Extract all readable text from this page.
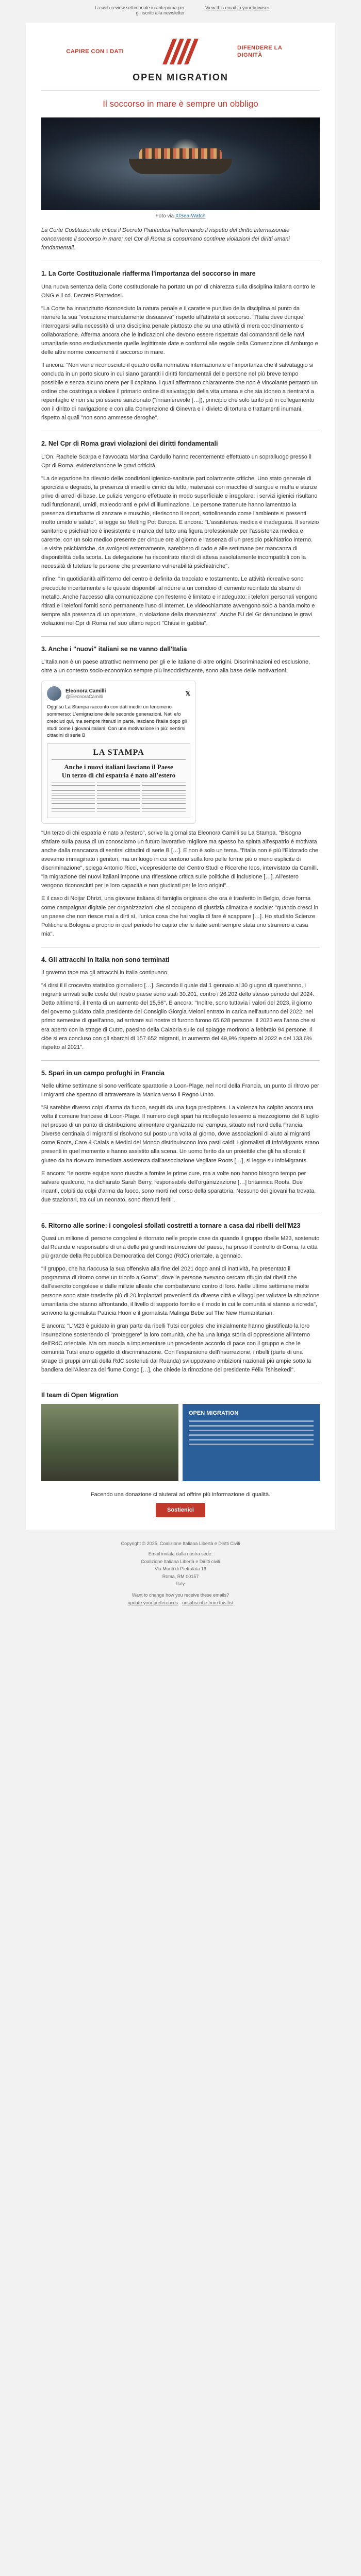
La web-review settimanale in anteprima per gli iscritti alla newsletter
View this email in your browser
CAPIRE CON I DATI
DIFENDERE LA DIGNITÀ
OPEN MIGRATION
Il soccorso in mare è sempre un obbligo
Foto via X/Sea-Watch
La Corte Costituzionale critica il Decreto Piantedosi riaffermando il rispetto del diritto internazionale concernente il soccorso in mare; nel Cpr di Roma si consumano continue violazioni dei diritti umani fondamentali.
1. La Corte Costituzionale riafferma l'importanza del soccorso in mare

Una nuova sentenza della Corte costituzionale ha portato un po' di chiarezza sulla disciplina italiana contro le ONG e il cd. Decreto Piantedosi.

"La Corte ha innanzitutto riconosciuto la natura penale e il carattere punitivo della disciplina al punto da ritenere la sua "vocazione marcatamente dissuasiva" rispetto all'attività di soccorso. "l'Italia deve dunque interrogarsi sulla necessità di una disciplina penale piuttosto che su una attività di mera coordinamento e collaborazione. Afferma ancora che le indicazioni che devono essere rispettate dai comandanti delle navi umanitarie sono esclusivamente quelle legittimate date e conformi alle regole della Convenzione di Amburgo e delle altre norme concernenti il soccorso in mare.

Il ancora: "Non viene riconosciuto il quadro della normativa internazionale e l'importanza che il salvataggio si concluda in un porto sicuro in cui siano garantiti i diritti fondamentali delle persone nel più breve tempo possibile e senza alcuno onere per il capitano, i quali affermano chiaramente che non è vincolante pertanto un ordine che costringa a violare il primario ordine di salvataggio della vita umana e che sia idoneo a rientrarvi a repentaglio e non sia più essere sanzionato ("innamerevole […]), principio che solo tanto più in collegamento con il diritto di navigazione e con alla Convenzione di Ginevra e il divieto di tortura e trattamenti inumani, rispetto ai quali "non sono ammesse deroghe".

2. Nel Cpr di Roma gravi violazioni dei diritti fondamentali

L'On. Rachele Scarpa e l'avvocata Martina Cardullo hanno recentemente effettuato un sopralluogo presso il Cpr di Roma, evidenziandone le gravi criticità.

"La delegazione ha rilevato delle condizioni igienico-sanitarie particolarmente critiche. Uno stato generale di sporcizia e degrado, la presenza di insetti e cimici da letto, materassi con macchie di sangue e muffa e stanze prive di arredi di base. Le pulizie vengono effettuate in modo superficiale e irregolare; i servizi igienici risultano rudi funzionanti, umidi, maleodoranti e privi di illuminazione. Le persone trattenute hanno lamentato la presenza disturbante di zanzare e muschio, riferiscono il report, sottolineando come l'ambiente si presenti molto umido e salato", si legge su Melting Pot Europa. E ancora: "L'assistenza medica è inadeguata. Il servizio sanitario e psichiatrico è inesistente e manca del tutto una figura professionale per l'assistenza medica e carente, con un solo medico presente per cinque ore al giorno e l'assenza di un presidio psichiatrico interno. Le visite psichiatriche, da svolgersi esternamente, sarebbero di rado e alle settimane per mancanza di disponibilità della scorta. La delegazione ha riscontrato ritardi di attesa assolutamente incompatibili con la necessità di tutelare le persone che presentano vulnerabilità psichiatriche".

Infine: "In quotidianità all'interno del centro è definita da tracciato e tostamento. Le attività ricreative sono precedute incertamente e le queste disponibili al ridurre a un corridoio di cemento recintato da sbarre di metallo. Anche l'accesso alla comunicazione con l'esterno è limitato e inadeguato: i telefoni personali vengono ritirati e i telefoni forniti sono permanente l'uso di Internet. Le videochiamate avvengono solo a banda molto e sempre alla presenza di un operatore, in violazione della riservatezza". Anche l'U del Gr denunciano le gravi violazioni nel Cpr di Roma nel suo ultimo report "Chiusi in gabbia".

3. Anche i "nuovi" italiani se ne vanno dall'Italia

L'Italia non è un paese attrattivo nemmeno per gli e le italiane di altre origini. Discriminazioni ed esclusione, oltre a un contesto socio-economico sempre più insoddisfacente, sono alla base delle motivazioni.

Eleonora Camilli
@EleonoraCamilli	𝕏
Oggi su La Stampa racconto con dati inediti un fenomeno sommerso: L'emigrazione delle seconde generazioni. Nati e/o cresciuti qui, ma sempre ritenuti in parte, lasciano l'Italia dopo gli studi come i giovani italiani. Con una motivazione in più: sentirsi cittadini di serie B
LA STAMPA
Anche i nuovi italiani lasciano il Paese
Un terzo di chi espatria è nato all'estero

"Un terzo di chi espatria è nato all'estero", scrive la giornalista Eleonora Camilli su La Stampa. "Bisogna sfatiare sulla pausa di un conosciamo un futuro lavorativo migliore ma spesso ha spinta all'espatrio è motivata anche dalla mancanza di sentirsi cittadini di serie B […]. E non è solo un tema. "l'italia non è più l'Eldorado che avevamo immaginato i genitori, ma un luogo in cui sentono sulla loro pelle forme più o meno esplicite di discriminazione", spiega Antonio Ricci, vicepresidente del Centro Studi e Ricerche Idos, intervistato da Camilli. "la migrazione dei nuovi italiani impone una riflessione critica sulle politiche di inclusione […]. All'estero vengono riconosciuti per le loro capacità e non giudicati per le loro origini".

E il caso di Noijar Dhrizi, una giovane italiana di famiglia originaria che ora è trasferito in Belgio, dove forma come campaignar digitale per organizzazioni che si occupano di giustizia climatica e sociale: "quando cresci in un paese che non riesce mai a dirti sì, l'unica cosa che hai voglia di fare è scappare […]. Ho studiato Scienze Politiche a Bologna e proprio in quel periodo ho capito che le italie senti sempre stata uno straniero a casa mia".

4. Gli attracchi in Italia non sono terminati

Il governo tace ma gli attracchi in Italia continuano.

"4 dirsi il il crocevito statistico giornaliero […]. Secondo il quale dal 1 gennaio al 30 giugno di quest'anno, i migranti arrivati sulle coste del nostro paese sono stati 30.201, contro i 26.202 dello stesso periodo del 2024. Detto altrimenti, il trenta di un aumento del 15,56". E ancora: "Inoltre, sono tuttavia i valori del 2023, il giorno del governo guidato dalla presidente del Consiglio Giorgia Meloni entrato in carica nell'autunno del 2022; nel primo semestre di quell'anno, ad arrivare sui nostre di furono furono 65.628 persone. Il 2023 era l'anno che si era aperto con la strage di Cutro, paesino della Calabria sulle cui spiagge morirono a febbraio 94 persone. Il ciòe si era concluso con gli sbarchi di 157.652 migranti, in aumento del 49,9% rispetto al 2022 e del 133,6% rispetto al 2021".

5. Spari in un campo profughi in Francia

Nelle ultime settimane si sono verificate sparatorie a Loon-Plage, nel nord della Francia, un punto di ritrovo per i migranti che sperano di attraversare la Manica verso il Regno Unito.

"Si sarebbe diverso colpi d'arma da fuoco, seguiti da una fuga precipitosa. La violenza ha colpito ancora una volta il comune francese di Loon-Plage. Il numero degli spari ha ricollegato lessemo a mezzogiorno del 8 luglio nel presso di un punto di distribuzione alimentare organizzato nel campus, situato nel nord della Francia. Diverse centinaia di migranti si risolvono sul posto una volta al giorno, dove associazioni di aiuto ai migranti come Roots, Care 4 Calais e Medici del Mondo distribuiscono loro pasti caldi. I giornalisti di InfoMigrants erano presenti in quel momento e hanno assistito alla scena. Un uomo ferito da un proiettile che gli ha sfiorato il gluteo da ha ricevuto immediata assistenza dall'associazione Vegliare Roots […], si legge su InfoMigrants.

E ancora: "le nostre equipe sono riuscite a fornire le prime cure, ma a volte non hanno bisogno tempo per salvare qualcuno, ha dichiarato Sarah Berry, responsabile dell'organizzazione […] britannica Roots. Due incanti, colpiti da colpi d'arma da fuoco, sono morti nel corso della sparatoria. Nessuno dei giovani ha trovata, due stazionari, tra cui un neonato, sono ritenuti feriti".

6. Ritorno alle sorine: i congolesi sfollati costretti a tornare a casa dai ribelli dell'M23

Quasi un milione di persone congolesi è ritornato nelle proprie case da quando il gruppo ribelle M23, sostenuto dal Ruanda e responsabile di una delle più grandi insurrezioni del paese, ha preso il controllo di Goma, la città più grande della Repubblica Democratica del Congo (RdC) orientale, a gennaio.

"Il gruppo, che ha riaccusa la sua offensiva alla fine del 2021 dopo anni di inattività, ha presentato il programma di ritorno come un trionfo a Goma", dove le persone avevano cercato rifugio dai ribelli che dall'esercito congolese e dalle milizie alleate che combattevano contro di loro. Nelle ultime settimane molte persone sono state trasferite più di 20 impiantati provenienti da diverse città e villaggi per valutare la situazione umanitaria che stanno affrontando, il livello di supporto fornito e il modo in cui le comunità si stanno a ricreda", scrivono la giornalista Patricia Huon e il giornalista Malinga Bebe sul The New Humanitarian.

E ancora: "L'M23 è guidato in gran parte da ribelli Tutsi congolesi che inizialmente hanno giustificato la loro insurrezione sostenendo di "proteggere" la loro comunità, che ha una lunga storia di oppressione all'interno dell'RdC orientale. Ma ora nuocla a implementare un precedente accordo di pace con il gruppo e che le comunità Tutsi erano oggetto di discriminazione. Con l'espansione dell'insurrezione, i ribelli (parte di una strage di gruppi armati della RdC sostenuti dal Ruanda) sviluppavano ambizioni nazionali più ampie sotto la bandiera dell'Alleanza del fiume Congo […], che chiede la rimozione del presidente Félix Tshisekedi".

Il team di Open Migration
OPEN MIGRATION
Facendo una donazione ci aiuterai ad offrire più informazione di qualità.
Sostienici
Copyright © 2025, Coalizione Italiana Libertà e Diritti Civili
Email inviata dalla nostra sede:
Coalizione Italiana Libertà e Diritti civili
Via Monti di Pietralata 16
Roma, RM 00157
Italy
Want to change how you receive these emails?
update your preferences · unsubscribe from this list
